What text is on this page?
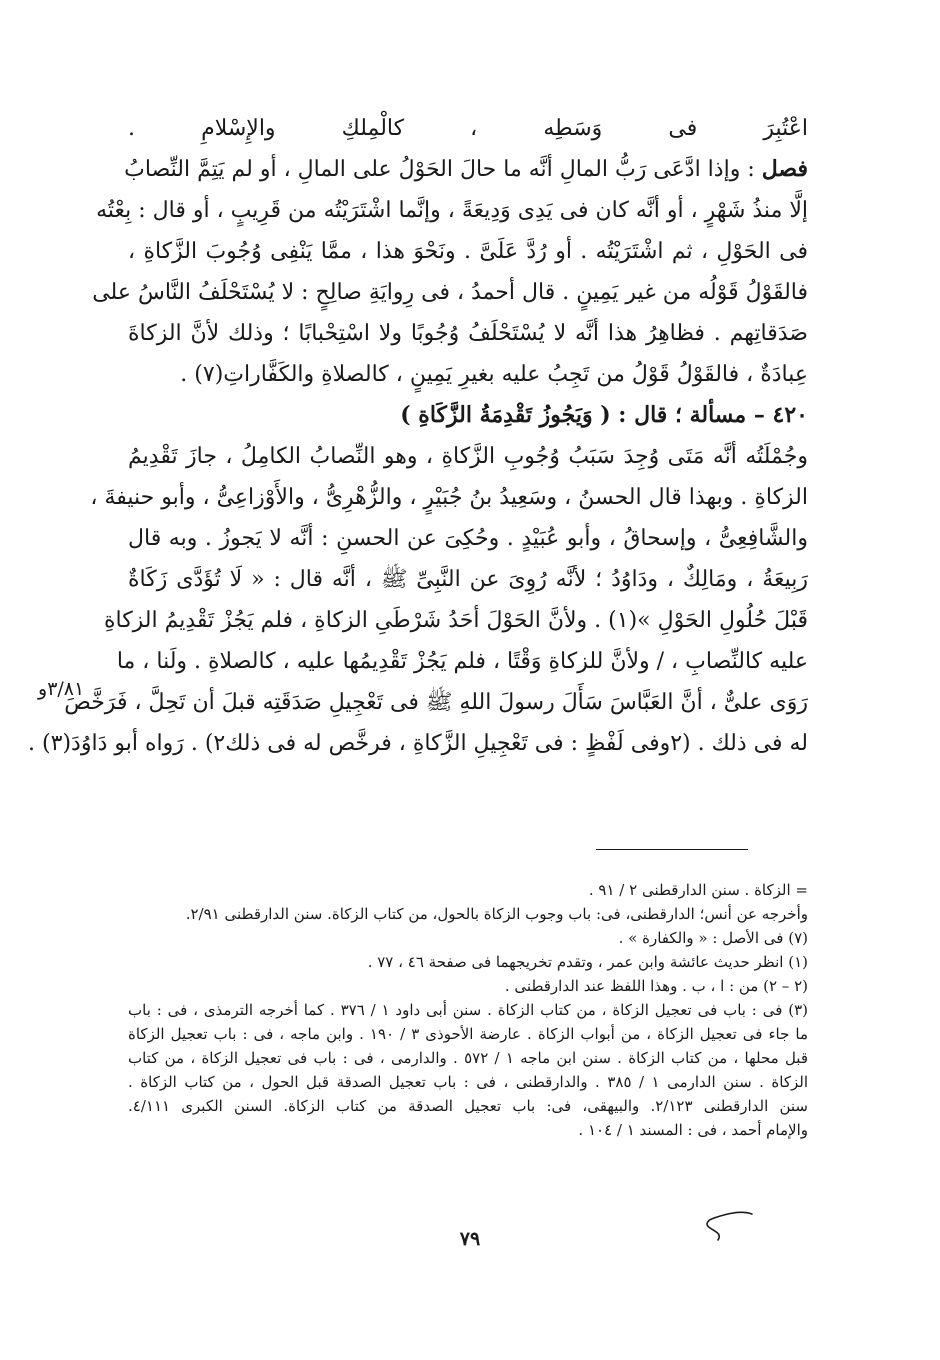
اعْتُبِرَ فى وَسَطِه ، كالْمِلكِ والإِسْلامِ .
فصل : وإذا ادَّعَى رَبُّ المالِ أنَّه ما حالَ الحَوْلُ على المالِ ، أو لم يَتِمَّ النِّصابُ
إلَّا منذُ شَهْرٍ ، أو أنَّه كان فى يَدِى وَدِيعَةً ، وإنَّما اشْتَرَيْتُه من قَرِيبٍ ، أو قال : بِعْتُه
فى الحَوْلِ ، ثم اشْتَرَيْتُه . أو رُدَّ عَلَىَّ . ونَحْوَ هذا ، ممَّا يَنْفِى وُجُوبَ الزَّكاةِ ،
فالقَوْلُ قَوْلُه من غير يَمِينٍ . قال أحمدُ ، فى رِوايَةِ صالِحٍ : لا يُسْتَحْلَفُ النَّاسُ على
صَدَقاتِهم . فظاهِرُ هذا أنَّه لا يُسْتَحْلَفُ وُجُوبًا ولا اسْتِحْبابًا ؛ وذلك لأنَّ الزكاةَ
عِبادَةٌ ، فالقَوْلُ قَوْلُ من تَجِبُ عليه بغيرِ يَمِينٍ ، كالصلاةِ والكَفَّاراتِ(٧) .
٤٢٠ – مسألة ؛ قال : ( وَيَجُوزُ تَقْدِمَةُ الزَّكَاةِ )
وجُمْلَتُه أنَّه مَتَى وُجِدَ سَبَبُ وُجُوبِ الزَّكاةِ ، وهو النِّصابُ الكامِلُ ، جازَ تَقْدِيمُ
الزكاةِ . وبهذا قال الحسنُ ، وسَعِيدُ بنُ جُبَيْرٍ ، والزُّهْرِىُّ ، والأَوْزاعِىُّ ، وأبو حنيفةَ ،
والشَّافِعِىُّ ، وإسحاقُ ، وأبو عُبَيْدٍ . وحُكِىَ عن الحسنِ : أنَّه لا يَجوزُ . وبه قال
رَبِيعَةُ ، ومَالِكٌ ، ودَاوُدُ ؛ لأنَّه رُوِىَ عن النَّبِىِّ ﷺ ، أنَّه قال : « لَا تُؤَدَّى زَكَاةٌ
قَبْلَ حُلُولِ الحَوْلِ »(١) . ولأنَّ الحَوْلَ أحَدُ شَرْطَىِ الزكاةِ ، فلم يَجُزْ تَقْدِيمُ الزكاةِ
عليه كالنِّصابِ ، / ولأنَّ للزكاةِ وَقْتًا ، فلم يَجُزْ تَقْدِيمُها عليه ، كالصلاةِ . ولَنا ، ما
رَوَى علىٌّ ، أنَّ العَبَّاسَ سَأَلَ رسولَ اللهِ ﷺ فى تَعْجِيلِ صَدَقَتِه قبلَ أن تَحِلَّ ، فَرَخَّصَ
له فى ذلك . (٢وفى لَفْظٍ : فى تَعْجِيلِ الزَّكاةِ ، فرخَّص له فى ذلك٢) . رَواه أبو دَاوُدَ(٣) .
٣/٨١و
= الزكاة . سنن الدارقطنى ٢ / ٩١ .
وأخرجه عن أنس؛ الدارقطنى، فى: باب وجوب الزكاة بالحول، من كتاب الزكاة. سنن الدارقطنى ٢/٩١.
(٧) فى الأصل : « والكفارة » .
(١) انظر حديث عائشة وابن عمر ، وتقدم تخريجهما فى صفحة ٤٦ ، ٧٧ .
(٢ – ٢) من : ا ، ب . وهذا اللفظ عند الدارقطنى .
(٣) فى : باب فى تعجيل الزكاة ، من كتاب الزكاة . سنن أبى داود ١ / ٣٧٦ . كما أخرجه الترمذى ، فى : باب
ما جاء فى تعجيل الزكاة ، من أبواب الزكاة . عارضة الأحوذى ٣ / ١٩٠ . وابن ماجه ، فى : باب تعجيل الزكاة
قبل محلها ، من كتاب الزكاة . سنن ابن ماجه ١ / ٥٧٢ . والدارمى ، فى : باب فى تعجيل الزكاة ، من كتاب
الزكاة . سنن الدارمى ١ / ٣٨٥ . والدارقطنى ، فى : باب تعجيل الصدقة قبل الحول ، من كتاب الزكاة .
سنن الدارقطنى ٢/١٢٣. والبيهقى، فى: باب تعجيل الصدقة من كتاب الزكاة. السنن الكبرى ٤/١١١.
والإمام أحمد ، فى : المسند ١ / ١٠٤ .
٧٩
